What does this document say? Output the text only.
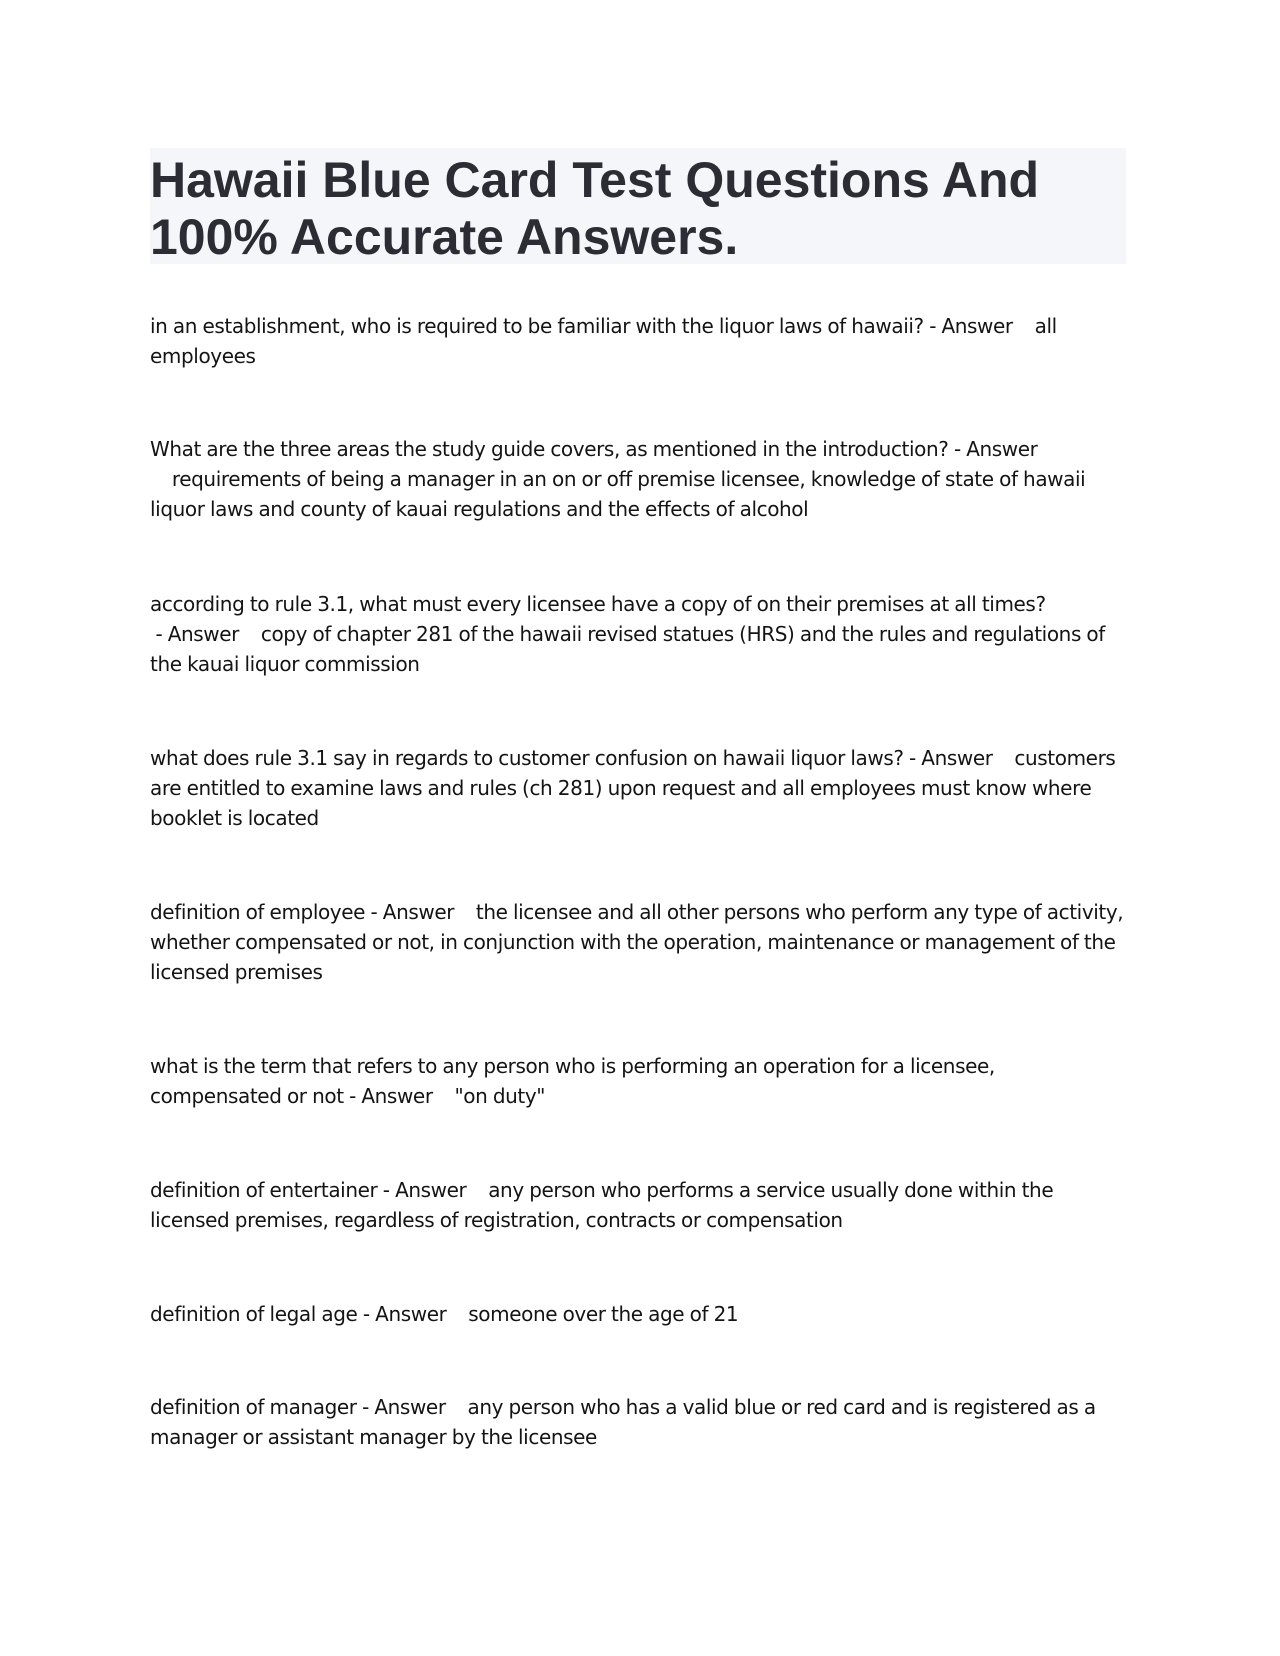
Hawaii Blue Card Test Questions And 100% Accurate Answers.

in an establishment, who is required to be familiar with the liquor laws of hawaii? - Answer all employees

What are the three areas the study guide covers, as mentioned in the introduction? - Answer    requirements of being a manager in an on or off premise licensee, knowledge of state of hawaii liquor laws and county of kauai regulations and the effects of alcohol

according to rule 3.1, what must every licensee have a copy of on their premises at all times? - Answer copy of chapter 281 of the hawaii revised statues (HRS) and the rules and regulations of the kauai liquor commission

what does rule 3.1 say in regards to customer confusion on hawaii liquor laws? - Answer customers are entitled to examine laws and rules (ch 281) upon request and all employees must know where booklet is located

definition of employee - Answer the licensee and all other persons who perform any type of activity, whether compensated or not, in conjunction with the operation, maintenance or management of the licensed premises

what is the term that refers to any person who is performing an operation for a licensee, compensated or not - Answer "on duty"

definition of entertainer - Answer any person who performs a service usually done within the licensed premises, regardless of registration, contracts or compensation

definition of legal age - Answer someone over the age of 21

definition of manager - Answer any person who has a valid blue or red card and is registered as a manager or assistant manager by the licensee
